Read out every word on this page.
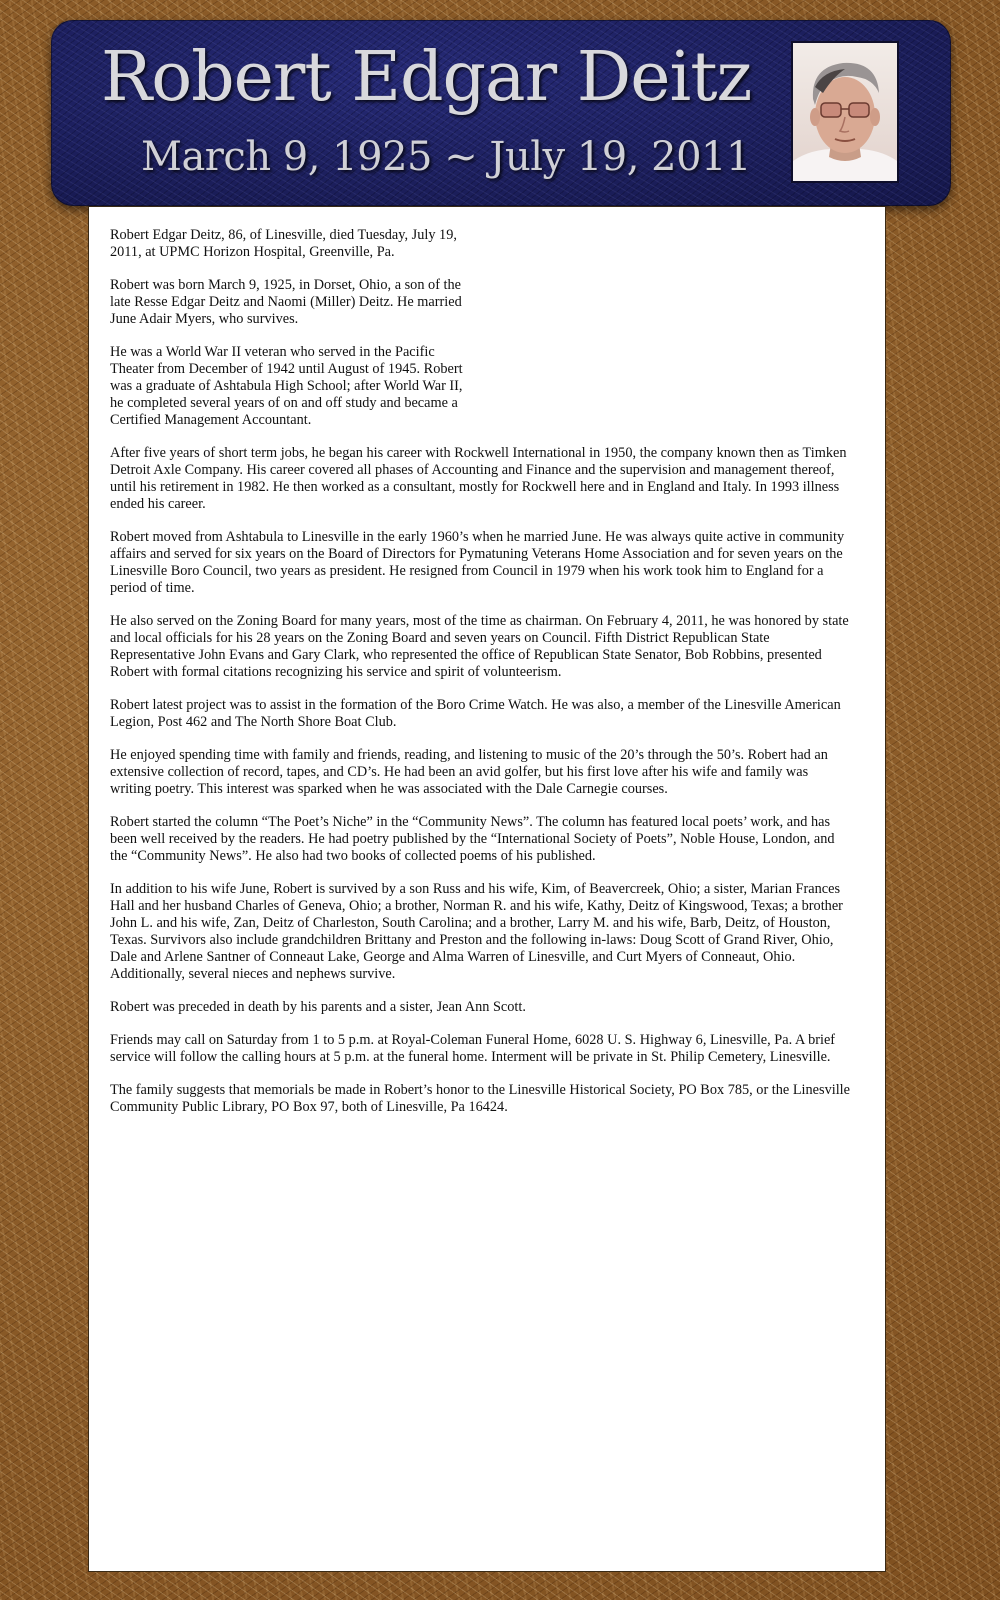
Robert Edgar Deitz
March 9, 1925 ~ July 19, 2011

Robert Edgar Deitz, 86, of Linesville, died Tuesday, July 19, 2011, at UPMC Horizon Hospital, Greenville, Pa.

Robert was born March 9, 1925, in Dorset, Ohio, a son of the late Resse Edgar Deitz and Naomi (Miller) Deitz. He married June Adair Myers, who survives.

He was a World War II veteran who served in the Pacific Theater from December of 1942 until August of 1945. Robert was a graduate of Ashtabula High School; after World War II, he completed several years of on and off study and became a Certified Management Accountant.

After five years of short term jobs, he began his career with Rockwell International in 1950, the company known then as Timken Detroit Axle Company. His career covered all phases of Accounting and Finance and the supervision and management thereof, until his retirement in 1982. He then worked as a consultant, mostly for Rockwell here and in England and Italy. In 1993 illness ended his career.

Robert moved from Ashtabula to Linesville in the early 1960’s when he married June. He was always quite active in community affairs and served for six years on the Board of Directors for Pymatuning Veterans Home Association and for seven years on the Linesville Boro Council, two years as president. He resigned from Council in 1979 when his work took him to England for a period of time.

He also served on the Zoning Board for many years, most of the time as chairman. On February 4, 2011, he was honored by state and local officials for his 28 years on the Zoning Board and seven years on Council. Fifth District Republican State Representative John Evans and Gary Clark, who represented the office of Republican State Senator, Bob Robbins, presented Robert with formal citations recognizing his service and spirit of volunteerism.

Robert latest project was to assist in the formation of the Boro Crime Watch. He was also, a member of the Linesville American Legion, Post 462 and The North Shore Boat Club.

He enjoyed spending time with family and friends, reading, and listening to music of the 20’s through the 50’s. Robert had an extensive collection of record, tapes, and CD’s. He had been an avid golfer, but his first love after his wife and family was writing poetry. This interest was sparked when he was associated with the Dale Carnegie courses.

Robert started the column “The Poet’s Niche” in the “Community News”. The column has featured local poets’ work, and has been well received by the readers. He had poetry published by the “International Society of Poets”, Noble House, London, and the “Community News”. He also had two books of collected poems of his published.

In addition to his wife June, Robert is survived by a son Russ and his wife, Kim, of Beavercreek, Ohio; a sister, Marian Frances Hall and her husband Charles of Geneva, Ohio; a brother, Norman R. and his wife, Kathy, Deitz of Kingswood, Texas; a brother John L. and his wife, Zan, Deitz of Charleston, South Carolina; and a brother, Larry M. and his wife, Barb, Deitz, of Houston, Texas. Survivors also include grandchildren Brittany and Preston and the following in-laws: Doug Scott of Grand River, Ohio, Dale and Arlene Santner of Conneaut Lake, George and Alma Warren of Linesville, and Curt Myers of Conneaut, Ohio. Additionally, several nieces and nephews survive.

Robert was preceded in death by his parents and a sister, Jean Ann Scott.

Friends may call on Saturday from 1 to 5 p.m. at Royal-Coleman Funeral Home, 6028 U. S. Highway 6, Linesville, Pa. A brief service will follow the calling hours at 5 p.m. at the funeral home. Interment will be private in St. Philip Cemetery, Linesville.

The family suggests that memorials be made in Robert’s honor to the Linesville Historical Society, PO Box 785, or the Linesville Community Public Library, PO Box 97, both of Linesville, Pa 16424.
